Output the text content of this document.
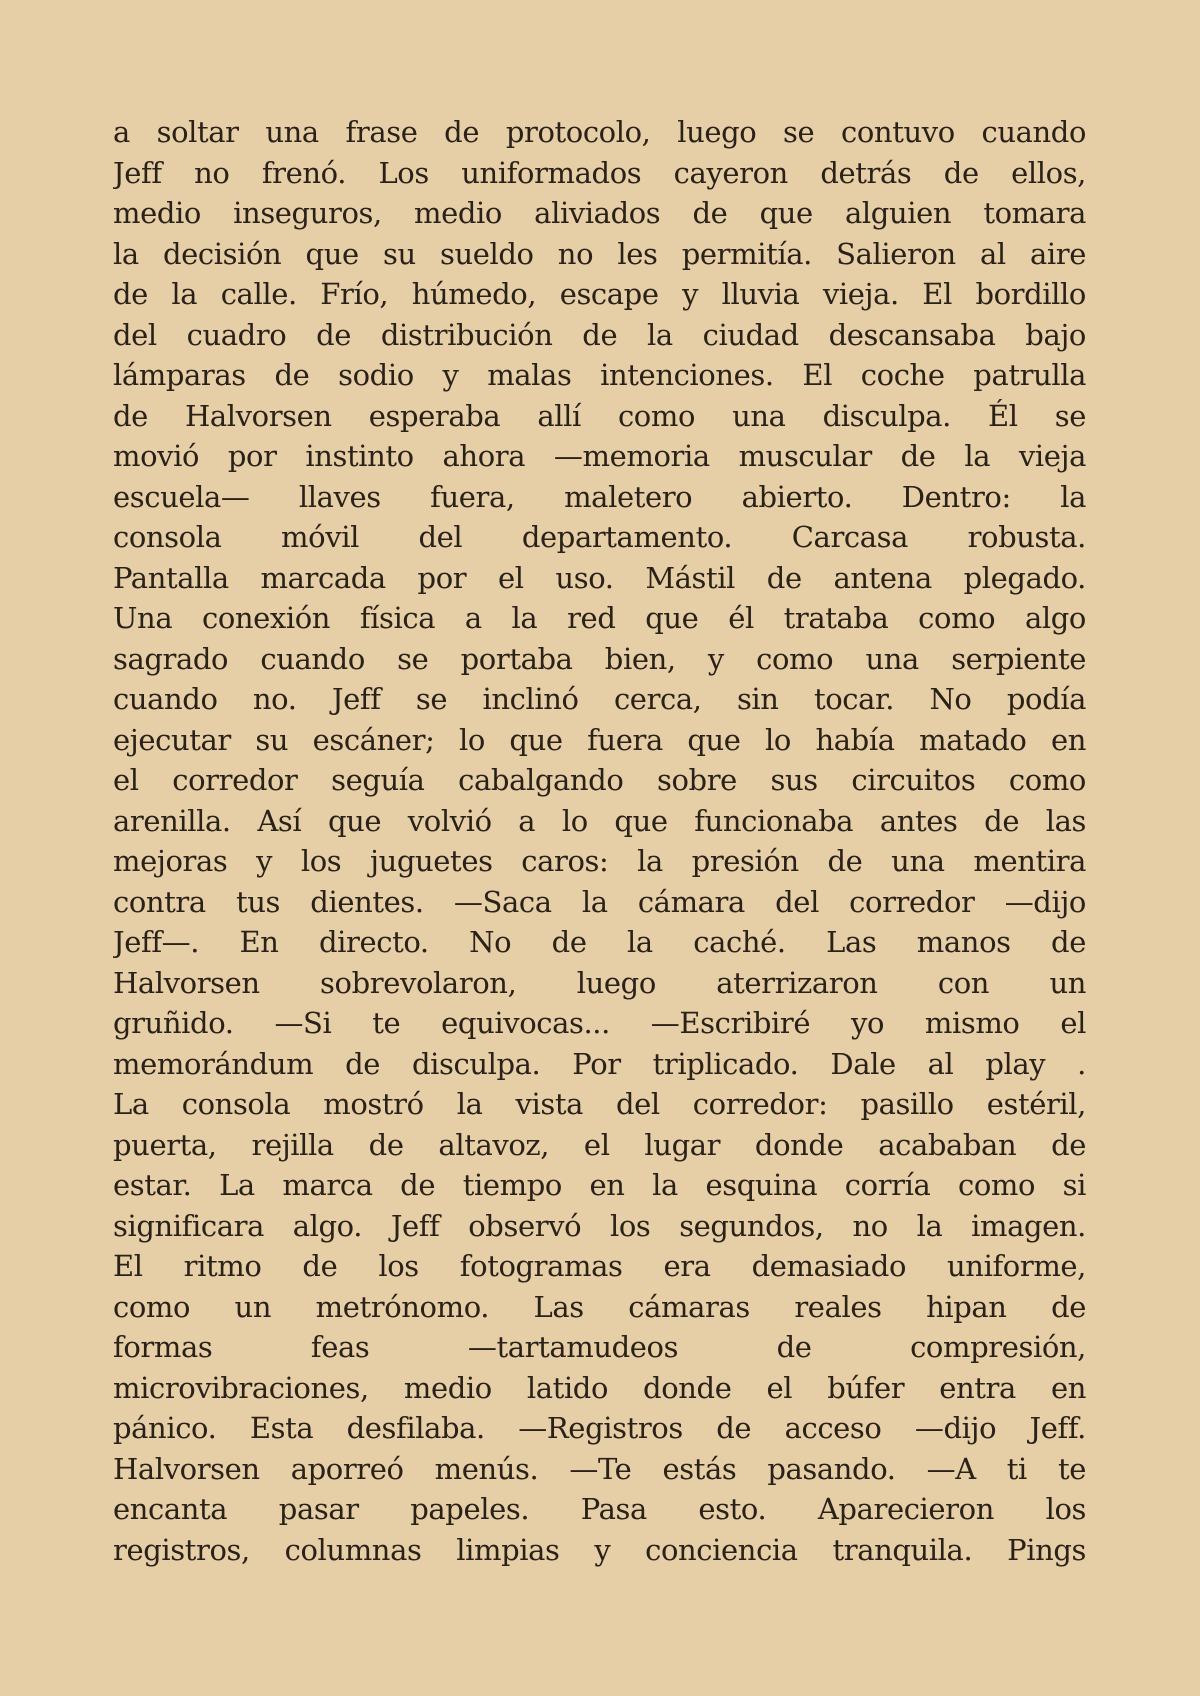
a soltar una frase de protocolo, luego se contuvo cuando
Jeff no frenó. Los uniformados cayeron detrás de ellos,
medio inseguros, medio aliviados de que alguien tomara
la decisión que su sueldo no les permitía. Salieron al aire
de la calle. Frío, húmedo, escape y lluvia vieja. El bordillo
del cuadro de distribución de la ciudad descansaba bajo
lámparas de sodio y malas intenciones. El coche patrulla
de Halvorsen esperaba allí como una disculpa. Él se
movió por instinto ahora —memoria muscular de la vieja
escuela— llaves fuera, maletero abierto. Dentro: la
consola móvil del departamento. Carcasa robusta.
Pantalla marcada por el uso. Mástil de antena plegado.
Una conexión física a la red que él trataba como algo
sagrado cuando se portaba bien, y como una serpiente
cuando no. Jeff se inclinó cerca, sin tocar. No podía
ejecutar su escáner; lo que fuera que lo había matado en
el corredor seguía cabalgando sobre sus circuitos como
arenilla. Así que volvió a lo que funcionaba antes de las
mejoras y los juguetes caros: la presión de una mentira
contra tus dientes. —Saca la cámara del corredor —dijo
Jeff—. En directo. No de la caché. Las manos de
Halvorsen sobrevolaron, luego aterrizaron con un
gruñido. —Si te equivocas... —Escribiré yo mismo el
memorándum de disculpa. Por triplicado. Dale al play .
La consola mostró la vista del corredor: pasillo estéril,
puerta, rejilla de altavoz, el lugar donde acababan de
estar. La marca de tiempo en la esquina corría como si
significara algo. Jeff observó los segundos, no la imagen.
El ritmo de los fotogramas era demasiado uniforme,
como un metrónomo. Las cámaras reales hipan de
formas feas —tartamudeos de compresión,
microvibraciones, medio latido donde el búfer entra en
pánico. Esta desfilaba. —Registros de acceso —dijo Jeff.
Halvorsen aporreó menús. —Te estás pasando. —A ti te
encanta pasar papeles. Pasa esto. Aparecieron los
registros, columnas limpias y conciencia tranquila. Pings
